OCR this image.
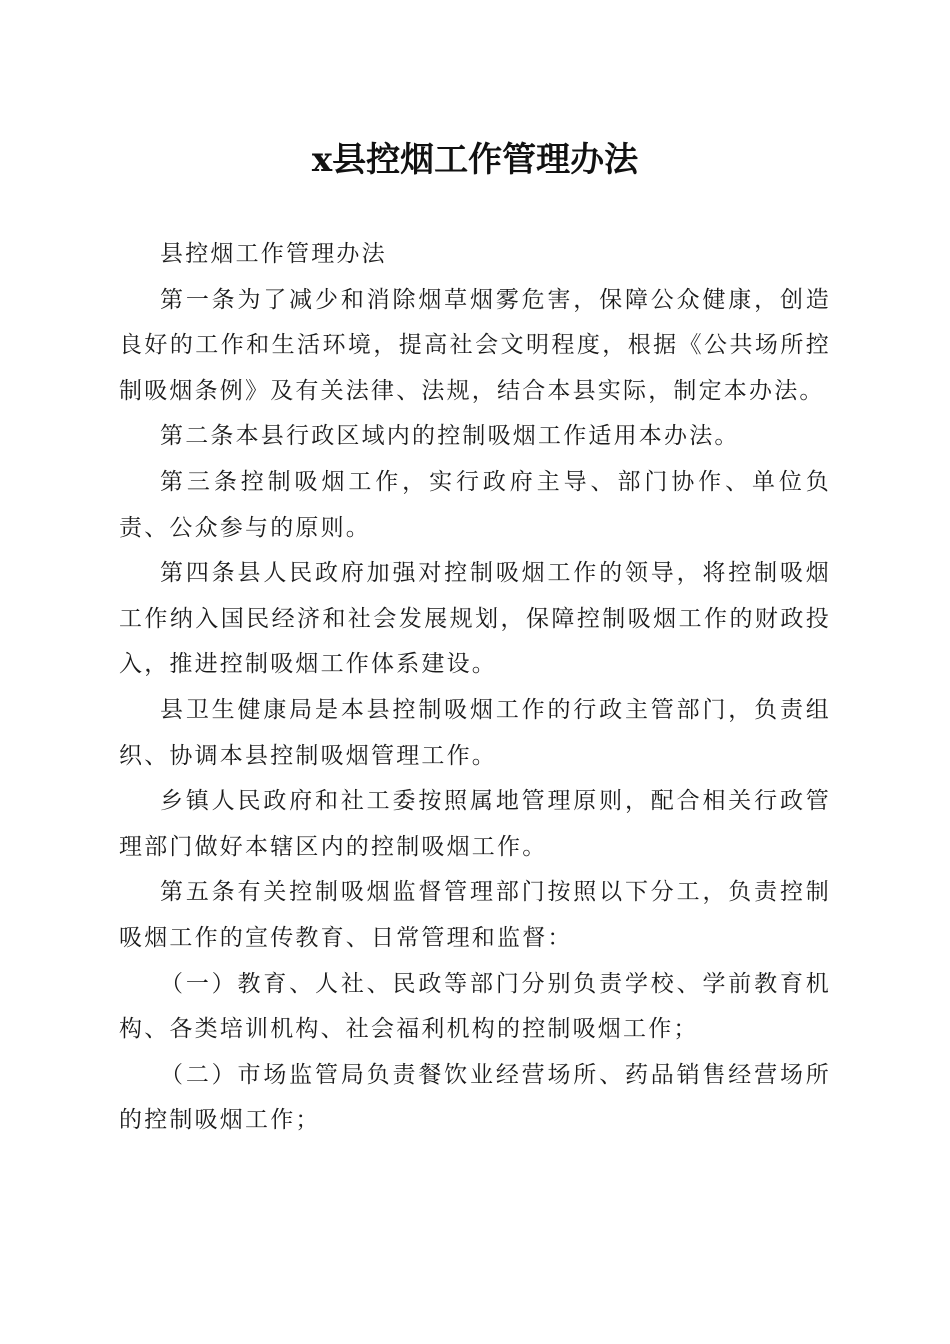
x县控烟工作管理办法

县控烟工作管理办法

第一条为了减少和消除烟草烟雾危害，保障公众健康，创造良好的工作和生活环境，提高社会文明程度，根据《公共场所控制吸烟条例》及有关法律、法规，结合本县实际，制定本办法。

第二条本县行政区域内的控制吸烟工作适用本办法。

第三条控制吸烟工作，实行政府主导、部门协作、单位负责、公众参与的原则。

第四条县人民政府加强对控制吸烟工作的领导，将控制吸烟工作纳入国民经济和社会发展规划，保障控制吸烟工作的财政投入，推进控制吸烟工作体系建设。

县卫生健康局是本县控制吸烟工作的行政主管部门，负责组织、协调本县控制吸烟管理工作。

乡镇人民政府和社工委按照属地管理原则，配合相关行政管理部门做好本辖区内的控制吸烟工作。

第五条有关控制吸烟监督管理部门按照以下分工，负责控制吸烟工作的宣传教育、日常管理和监督：

（一）教育、人社、民政等部门分别负责学校、学前教育机构、各类培训机构、社会福利机构的控制吸烟工作；

（二）市场监管局负责餐饮业经营场所、药品销售经营场所的控制吸烟工作；
